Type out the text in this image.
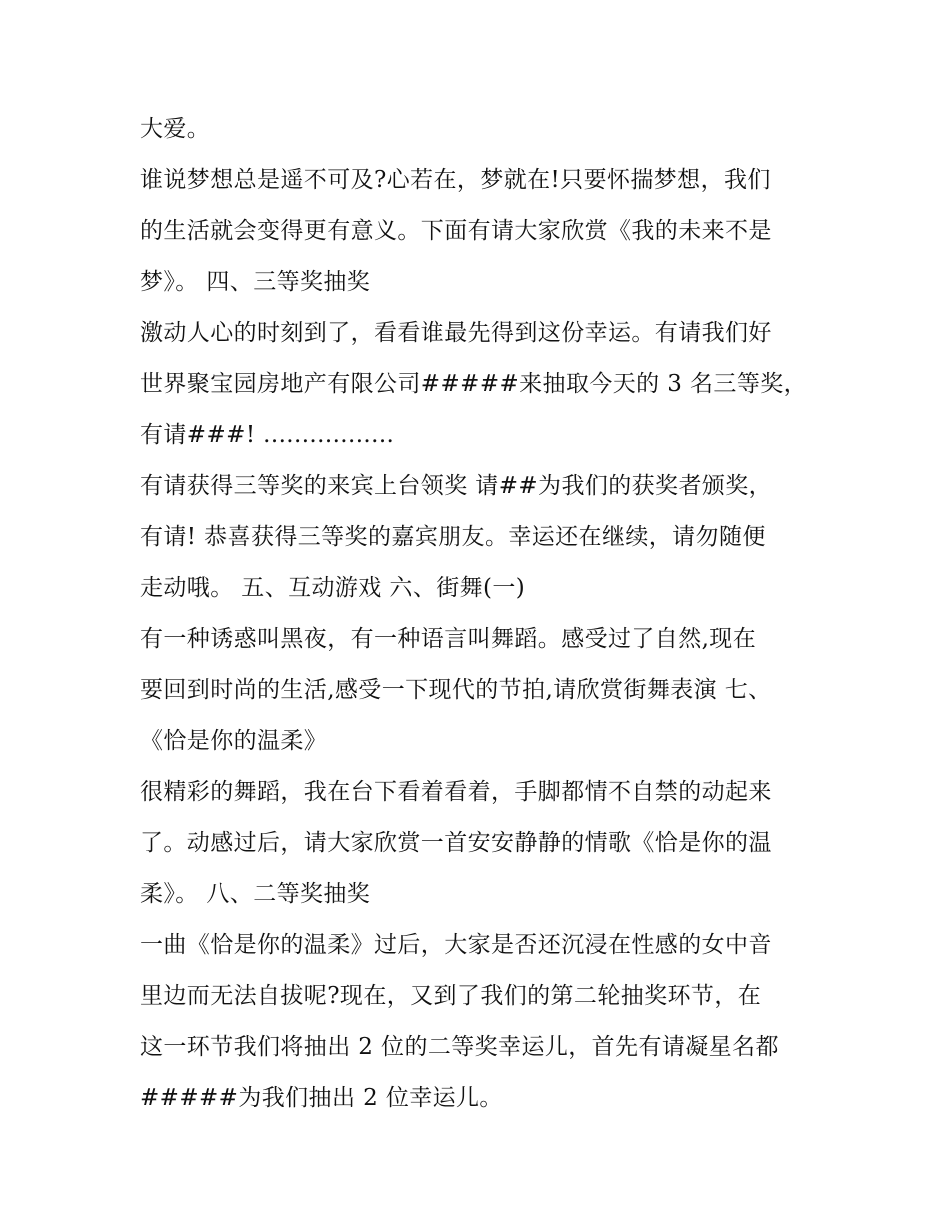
大爱。
谁说梦想总是遥不可及?心若在，梦就在!只要怀揣梦想，我们
的生活就会变得更有意义。下面有请大家欣赏《我的未来不是
梦》。 四、三等奖抽奖
激动人心的时刻到了，看看谁最先得到这份幸运。有请我们好
世界聚宝园房地产有限公司#####来抽取今天的 3 名三等奖，
有请###! .................
有请获得三等奖的来宾上台领奖 请##为我们的获奖者颁奖，
有请! 恭喜获得三等奖的嘉宾朋友。幸运还在继续，请勿随便
走动哦。 五、互动游戏 六、街舞(一)
有一种诱惑叫黑夜，有一种语言叫舞蹈。感受过了自然,现在
要回到时尚的生活,感受一下现代的节拍,请欣赏街舞表演 七、
《恰是你的温柔》
很精彩的舞蹈，我在台下看着看着，手脚都情不自禁的动起来
了。动感过后，请大家欣赏一首安安静静的情歌《恰是你的温
柔》。 八、二等奖抽奖
一曲《恰是你的温柔》过后，大家是否还沉浸在性感的女中音
里边而无法自拔呢?现在，又到了我们的第二轮抽奖环节，在
这一环节我们将抽出 2 位的二等奖幸运儿，首先有请凝星名都
#####为我们抽出 2 位幸运儿。
